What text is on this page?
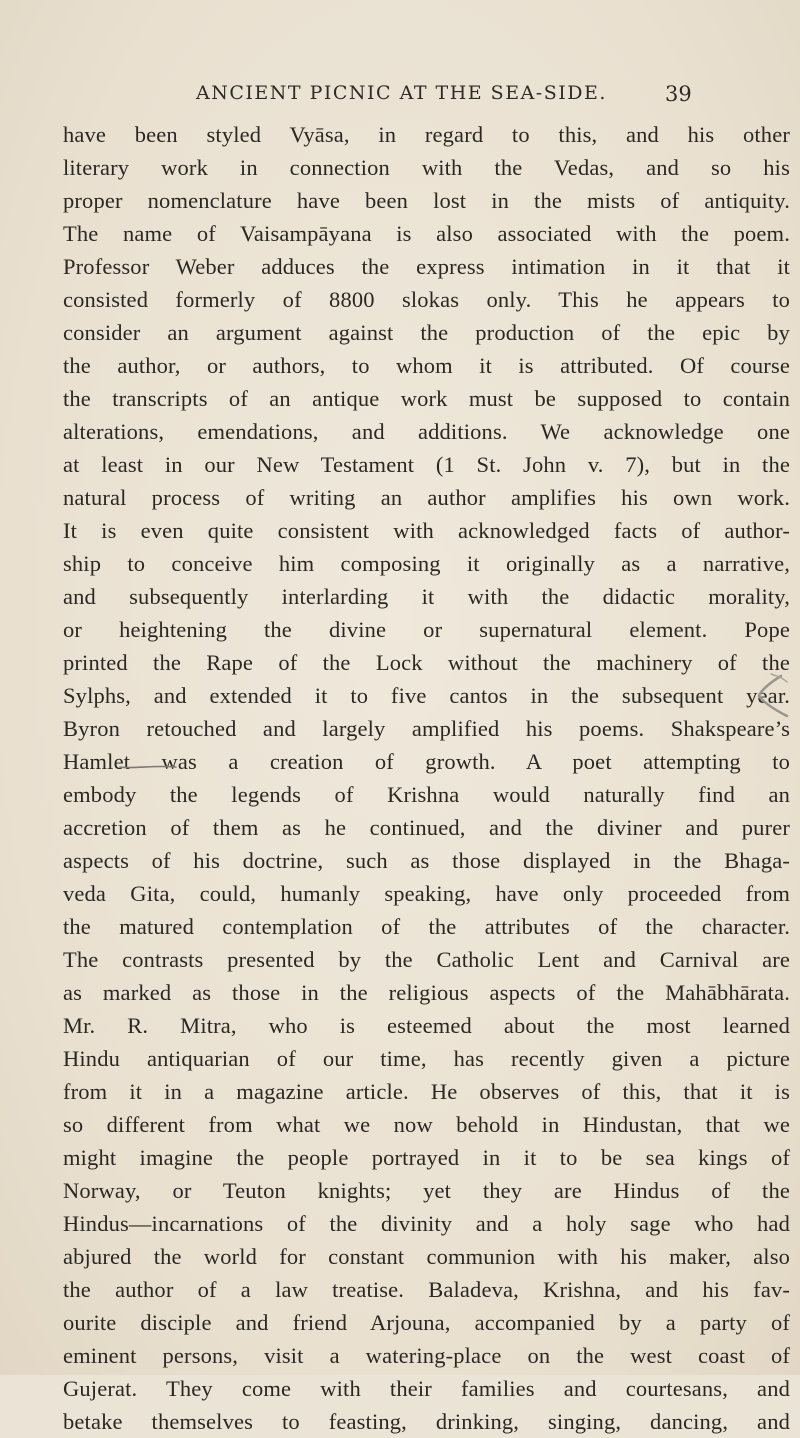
ANCIENT PICNIC AT THE SEA-SIDE.	39
have been styled Vyāsa, in regard to this, and his other
literary work in connection with the Vedas, and so his
proper nomenclature have been lost in the mists of antiquity.
The name of Vaisampāyana is also associated with the poem.
Professor Weber adduces the express intimation in it that it
consisted formerly of 8800 slokas only. This he appears to
consider an argument against the production of the epic by
the author, or authors, to whom it is attributed. Of course
the transcripts of an antique work must be supposed to contain
alterations, emendations, and additions. We acknowledge one
at least in our New Testament (1 St. John v. 7), but in the
natural process of writing an author amplifies his own work.
It is even quite consistent with acknowledged facts of author-
ship to conceive him composing it originally as a narrative,
and subsequently interlarding it with the didactic morality,
or heightening the divine or supernatural element. Pope
printed the Rape of the Lock without the machinery of the
Sylphs, and extended it to five cantos in the subsequent year.
Byron retouched and largely amplified his poems. Shakspeare’s
Hamlet was a creation of growth. A poet attempting to
embody the legends of Krishna would naturally find an
accretion of them as he continued, and the diviner and purer
aspects of his doctrine, such as those displayed in the Bhaga-
veda Gita, could, humanly speaking, have only proceeded from
the matured contemplation of the attributes of the character.
The contrasts presented by the Catholic Lent and Carnival are
as marked as those in the religious aspects of the Mahābhārata.
Mr. R. Mitra, who is esteemed about the most learned
Hindu antiquarian of our time, has recently given a picture
from it in a magazine article. He observes of this, that it is
so different from what we now behold in Hindustan, that we
might imagine the people portrayed in it to be sea kings of
Norway, or Teuton knights; yet they are Hindus of the
Hindus—incarnations of the divinity and a holy sage who had
abjured the world for constant communion with his maker, also
the author of a law treatise. Baladeva, Krishna, and his fav-
ourite disciple and friend Arjouna, accompanied by a party of
eminent persons, visit a watering-place on the west coast of
Gujerat. They come with their families and courtesans, and
betake themselves to feasting, drinking, singing, dancing, and
